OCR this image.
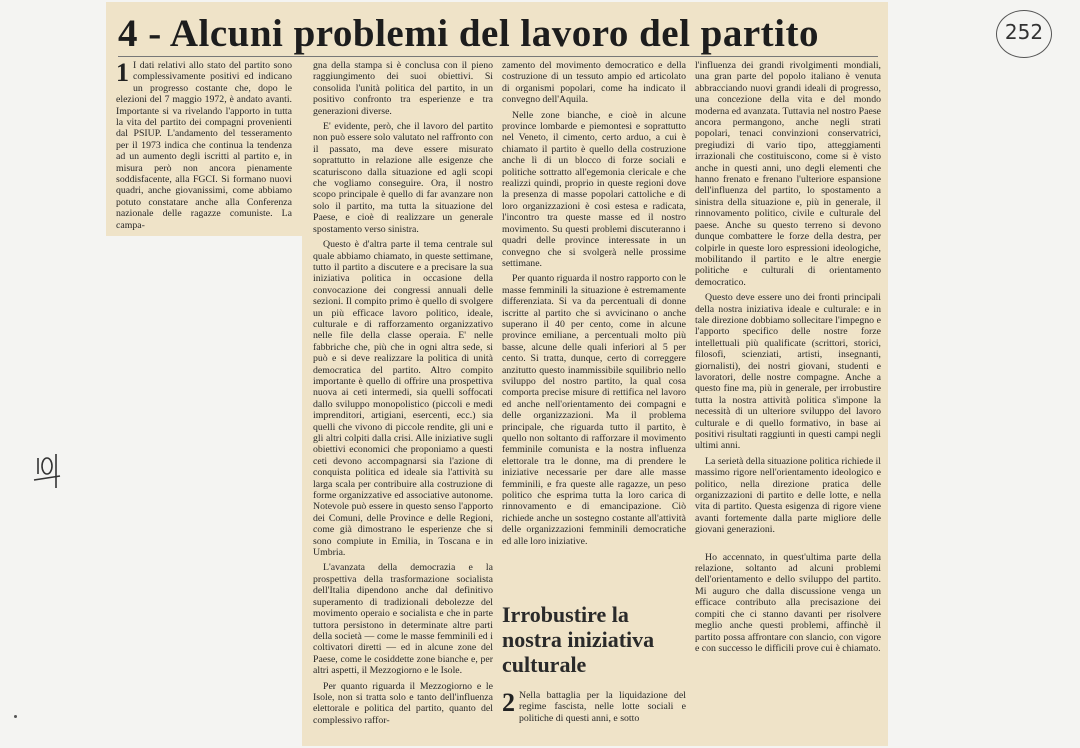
4 - Alcuni problemi del lavoro del partito

1 I dati relativi allo stato del partito sono complessivamente positivi ed indicano un progresso costante che, dopo le elezioni del 7 maggio 1972, è andato avanti. Importante si va rivelando l'apporto in tutta la vita del partito dei compagni provenienti dal PSIUP. L'andamento del tesseramento per il 1973 indica che continua la tendenza ad un aumento degli iscritti al partito e, in misura però non ancora pienamente soddisfacente, alla FGCI. Si formano nuovi quadri, anche giovanissimi, come abbiamo potuto constatare anche alla Conferenza nazionale delle ragazze comuniste. La campa-

gna della stampa si è conclusa con il pieno raggiungimento dei suoi obiettivi. Si consolida l'unità politica del partito, in un positivo confronto tra esperienze e tra generazioni diverse.

E' evidente, però, che il lavoro del partito non può essere solo valutato nel raffronto con il passato, ma deve essere misurato soprattutto in relazione alle esigenze che scaturiscono dalla situazione ed agli scopi che vogliamo conseguire. Ora, il nostro scopo principale è quello di far avanzare non solo il partito, ma tutta la situazione del Paese, e cioè di realizzare un generale spostamento verso sinistra.

Questo è d'altra parte il tema centrale sul quale abbiamo chiamato, in queste settimane, tutto il partito a discutere e a precisare la sua iniziativa politica in occasione della convocazione dei congressi annuali delle sezioni. Il compito primo è quello di svolgere un più efficace lavoro politico, ideale, culturale e di rafforzamento organizzativo nelle file della classe operaia. E' nelle fabbriche che, più che in ogni altra sede, si può e si deve realizzare la politica di unità democratica del partito. Altro compito importante è quello di offrire una prospettiva nuova ai ceti intermedi, sia quelli soffocati dallo sviluppo monopolistico (piccoli e medi imprenditori, artigiani, esercenti, ecc.) sia quelli che vivono di piccole rendite, gli uni e gli altri colpiti dalla crisi. Alle iniziative sugli obiettivi economici che proponiamo a questi ceti devono accompagnarsi sia l'azione di conquista politica ed ideale sia l'attività su larga scala per contribuire alla costruzione di forme organizzative ed associative autonome. Notevole può essere in questo senso l'apporto dei Comuni, delle Province e delle Regioni, come già dimostrano le esperienze che si sono compiute in Emilia, in Toscana e in Umbria.

L'avanzata della democrazia e la prospettiva della trasformazione socialista dell'Italia dipendono anche dal definitivo superamento di tradizionali debolezze del movimento operaio e socialista e che in parte tuttora persistono in determinate altre parti della società — come le masse femminili ed i coltivatori diretti — ed in alcune zone del Paese, come le cosiddette zone bianche e, per altri aspetti, il Mezzogiorno e le Isole.

Per quanto riguarda il Mezzogiorno e le Isole, non si tratta solo e tanto dell'influenza elettorale e politica del partito, quanto del complessivo raffor-

zamento del movimento democratico e della costruzione di un tessuto ampio ed articolato di organismi popolari, come ha indicato il convegno dell'Aquila.

Nelle zone bianche, e cioè in alcune province lombarde e piemontesi e soprattutto nel Veneto, il cimento, certo arduo, a cui è chiamato il partito è quello della costruzione anche lì di un blocco di forze sociali e politiche sottratto all'egemonia clericale e che realizzi quindi, proprio in queste regioni dove la presenza di masse popolari cattoliche e di loro organizzazioni è così estesa e radicata, l'incontro tra queste masse ed il nostro movimento. Su questi problemi discuteranno i quadri delle province interessate in un convegno che si svolgerà nelle prossime settimane.

Per quanto riguarda il nostro rapporto con le masse femminili la situazione è estremamente differenziata. Si va da percentuali di donne iscritte al partito che si avvicinano o anche superano il 40 per cento, come in alcune province emiliane, a percentuali molto più basse, alcune delle quali inferiori al 5 per cento. Si tratta, dunque, certo di correggere anzitutto questo inammissibile squilibrio nello sviluppo del nostro partito, la qual cosa comporta precise misure di rettifica nel lavoro ed anche nell'orientamento dei compagni e delle organizzazioni. Ma il problema principale, che riguarda tutto il partito, è quello non soltanto di rafforzare il movimento femminile comunista e la nostra influenza elettorale tra le donne, ma di prendere le iniziative necessarie per dare alle masse femminili, e fra queste alle ragazze, un peso politico che esprima tutta la loro carica di rinnovamento e di emancipazione. Ciò richiede anche un sostegno costante all'attività delle organizzazioni femminili democratiche ed alle loro iniziative.

Irrobustire la nostra iniziativa culturale
2 Nella battaglia per la liquidazione del regime fascista, nelle lotte sociali e politiche di questi anni, e sotto

l'influenza dei grandi rivolgimenti mondiali, una gran parte del popolo italiano è venuta abbracciando nuovi grandi ideali di progresso, una concezione della vita e del mondo moderna ed avanzata. Tuttavia nel nostro Paese ancora permangono, anche negli strati popolari, tenaci convinzioni conservatrici, pregiudizi di vario tipo, atteggiamenti irrazionali che costituiscono, come si è visto anche in questi anni, uno degli elementi che hanno frenato e frenano l'ulteriore espansione dell'influenza del partito, lo spostamento a sinistra della situazione e, più in generale, il rinnovamento politico, civile e culturale del paese. Anche su questo terreno si devono dunque combattere le forze della destra, per colpirle in queste loro espressioni ideologiche, mobilitando il partito e le altre energie politiche e culturali di orientamento democratico.

Questo deve essere uno dei fronti principali della nostra iniziativa ideale e culturale: e in tale direzione dobbiamo sollecitare l'impegno e l'apporto specifico delle nostre forze intellettuali più qualificate (scrittori, storici, filosofi, scienziati, artisti, insegnanti, giornalisti), dei nostri giovani, studenti e lavoratori, delle nostre compagne. Anche a questo fine ma, più in generale, per irrobustire tutta la nostra attività politica s'impone la necessità di un ulteriore sviluppo del lavoro culturale e di quello formativo, in base ai positivi risultati raggiunti in questi campi negli ultimi anni.

La serietà della situazione politica richiede il massimo rigore nell'orientamento ideologico e politico, nella direzione pratica delle organizzazioni di partito e delle lotte, e nella vita di partito. Questa esigenza di rigore viene avanti fortemente dalla parte migliore delle giovani generazioni.

Ho accennato, in quest'ultima parte della relazione, soltanto ad alcuni problemi dell'orientamento e dello sviluppo del partito. Mi auguro che dalla discussione venga un efficace contributo alla precisazione dei compiti che ci stanno davanti per risolvere meglio anche questi problemi, affinchè il partito possa affrontare con slancio, con vigore e con successo le difficili prove cui è chiamato.

252
